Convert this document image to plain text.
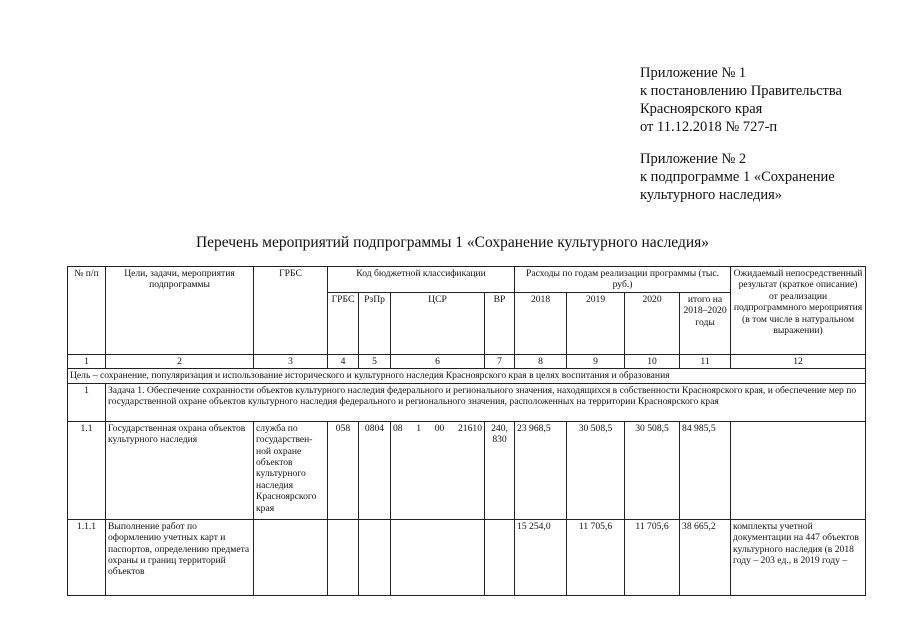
Приложение № 1
к постановлению Правительства
Красноярского края
от 11.12.2018 № 727-п
Приложение № 2
к подпрограмме 1 «Сохранение
культурного наследия»
Перечень мероприятий подпрограммы 1 «Сохранение культурного наследия»
№ п/п	Цели, задачи, мероприятия подпрограммы	ГРБС	Код бюджетной классификации				Расходы по годам реализации программы (тыс. руб.)				Ожидаемый непосредственный результат (краткое описание) от реализации подпрограммного мероприятия (в том числе в натуральном выражении)
			ГРБС	РзПр	ЦСР	ВР	2018	2019	2020	итого на 2018–2020 годы	
1	2	3	4	5	6	7	8	9	10	11	12
Цель – сохранение, популяризация и использование исторического и культурного наследия Красноярского края в целях воспитания и образования											
1	Задача 1. Обеспечение сохранности объектов культурного наследия федерального и регионального значения, находящихся в собственности Красноярского края, и обеспечение мер по государственной охране объектов культурного наследия федерального и регионального значения, расположенных на территории Красноярского края										
1.1	Государственная охрана объектов культурного наследия	служба по государствен-ной охране объектов культурного наследия Красноярского края	058	0804	08 1 00 21610	240, 830	23 968,5	30 508,5	30 508,5	84 985,5	
1.1.1	Выполнение работ по оформлению учетных карт и паспортов, определению предмета охраны и границ территорий объектов						15 254,0	11 705,6	11 705,6	38 665,2	комплекты учетной документации на 447 объектов культурного наследия (в 2018 году – 203 ед., в 2019 году –
